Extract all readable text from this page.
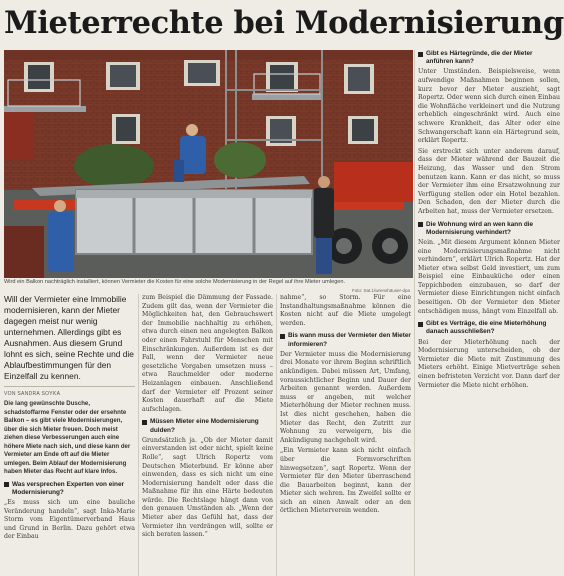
Mieterrechte bei Modernisierung
Wird ein Balkon nachträglich installiert, können Vermieter die Kosten für eine solche Modernisierung in der Regel auf ihre Mieter umlegen.
Foto: Sat.1/wrenshäuser-dpa

Will der Vermieter eine Immobilie modernisieren, kann der Mieter dagegen meist nur wenig unternehmen. Allerdings gibt es Ausnahmen. Aus diesem Grund lohnt es sich, seine Rechte und die Ablaufbestimmungen für den Einzelfall zu kennen.

VON SANDRA SOYKA

Die lang gewünschte Dusche, schadstoffarme Fenster oder der ersehnte Balkon – es gibt viele Modernisierungen, über die sich Mieter freuen. Doch meist ziehen diese Verbesserungen auch eine höhere Miete nach sich, und diese kann der Vermieter am Ende oft auf die Mieter umlegen. Beim Ablauf der Modernisierung haben Mieter das Recht auf klare Infos.

Was versprechen Experten von einer Modernisierung?

„Es muss sich um eine bauliche Veränderung handeln“, sagt Inka-Marie Storm vom Eigentümerverband Haus und Grund in Berlin. Dazu gehört etwa der Einbau

zum Beispiel die Dämmung der Fassade. Zudem gilt das, wenn der Vermieter die Möglichkeiten hat, den Gebrauchswert der Immobilie nachhaltig zu erhöhen, etwa durch einen neu angelegten Balkon oder einen Fahrstuhl für Menschen mit Einschränkungen. Außerdem ist es der Fall, wenn der Vermieter neue gesetzliche Vorgaben umsetzen muss – etwa Rauchmelder oder moderne Heizanlagen einbauen. Anschließend darf der Vermieter elf Prozent seiner Kosten dauerhaft auf die Miete aufschlagen.

Müssen Mieter eine Modernisierung dulden?

Grundsätzlich ja. „Ob der Mieter damit einverstanden ist oder nicht, spielt keine Rolle“, sagt Ulrich Ropertz vom Deutschen Mieterbund. Er könne aber einwenden, dass es sich nicht um eine Modernisierung handelt oder dass die Maßnahme für ihn eine Härte bedeuten würde. Die Rechtslage hängt dann von den genauen Umständen ab. „Wenn der Mieter aber das Gefühl hat, dass der Vermieter ihn verdrängen will, sollte er sich beraten lassen.“

nahme“, so Storm. Für eine Instandhaltungsmaßnahme können die Kosten nicht auf die Miete umgelegt werden.

Bis wann muss der Vermieter den Mieter informieren?

Der Vermieter muss die Modernisierung drei Monate vor ihrem Beginn schriftlich ankündigen. Dabei müssen Art, Umfang, voraussichtlicher Beginn und Dauer der Arbeiten genannt werden. Außerdem muss er angeben, mit welcher Mieterhöhung der Mieter rechnen muss. Ist dies nicht geschehen, haben die Mieter das Recht, den Zutritt zur Wohnung zu verweigern, bis die Ankündigung nachgeholt wird.

„Ein Vermieter kann sich nicht einfach über die Formvorschriften hinwegsetzen“, sagt Ropertz. Wenn der Vermieter für den Mieter überraschend die Bauarbeiten beginnt, kann der Mieter sich wehren. Im Zweifel sollte er sich an einen Anwalt oder an den örtlichen Mieterverein wenden.

Gibt es Härtegründe, die der Mieter anführen kann?

Unter Umständen. Beispielsweise, wenn aufwendige Maßnahmen beginnen sollen, kurz bevor der Mieter auszieht, sagt Ropertz. Oder wenn sich durch einen Einbau die Wohnfläche verkleinert und die Nutzung erheblich eingeschränkt wird. Auch eine schwere Krankheit, das Alter oder eine Schwangerschaft kann ein Härtegrund sein, erklärt Ropertz.

Sie erstreckt sich unter anderem darauf, dass der Mieter während der Bauzeit die Heizung, das Wasser und den Strom benutzen kann. Kann er das nicht, so muss der Vermieter ihm eine Ersatzwohnung zur Verfügung stellen oder ein Hotel bezahlen. Den Schaden, den der Mieter durch die Arbeiten hat, muss der Vermieter ersetzen.

Die Wohnung wird an wen kann die Modernisierung verhindert?

Nein. „Mit diesem Argument können Mieter eine Modernisierungsmaßnahme nicht verhindern“, erklärt Ulrich Ropertz. Hat der Mieter etwa selbst Geld investiert, um zum Beispiel eine Einbauküche oder einen Teppichboden einzubauen, so darf der Vermieter diese Einrichtungen nicht einfach beseitigen. Ob der Vermieter den Mieter entschädigen muss, hängt vom Einzelfall ab.

Gibt es Verträge, die eine Mieterhöhung danach ausschließen?

Bei der Mieterhöhung nach der Modernisierung unterscheiden, ob der Vermieter die Miete mit Zustimmung des Mieters erhöht. Einige Mietverträge sehen einen befristeten Verzicht vor. Dann darf der Vermieter die Miete nicht erhöhen.
